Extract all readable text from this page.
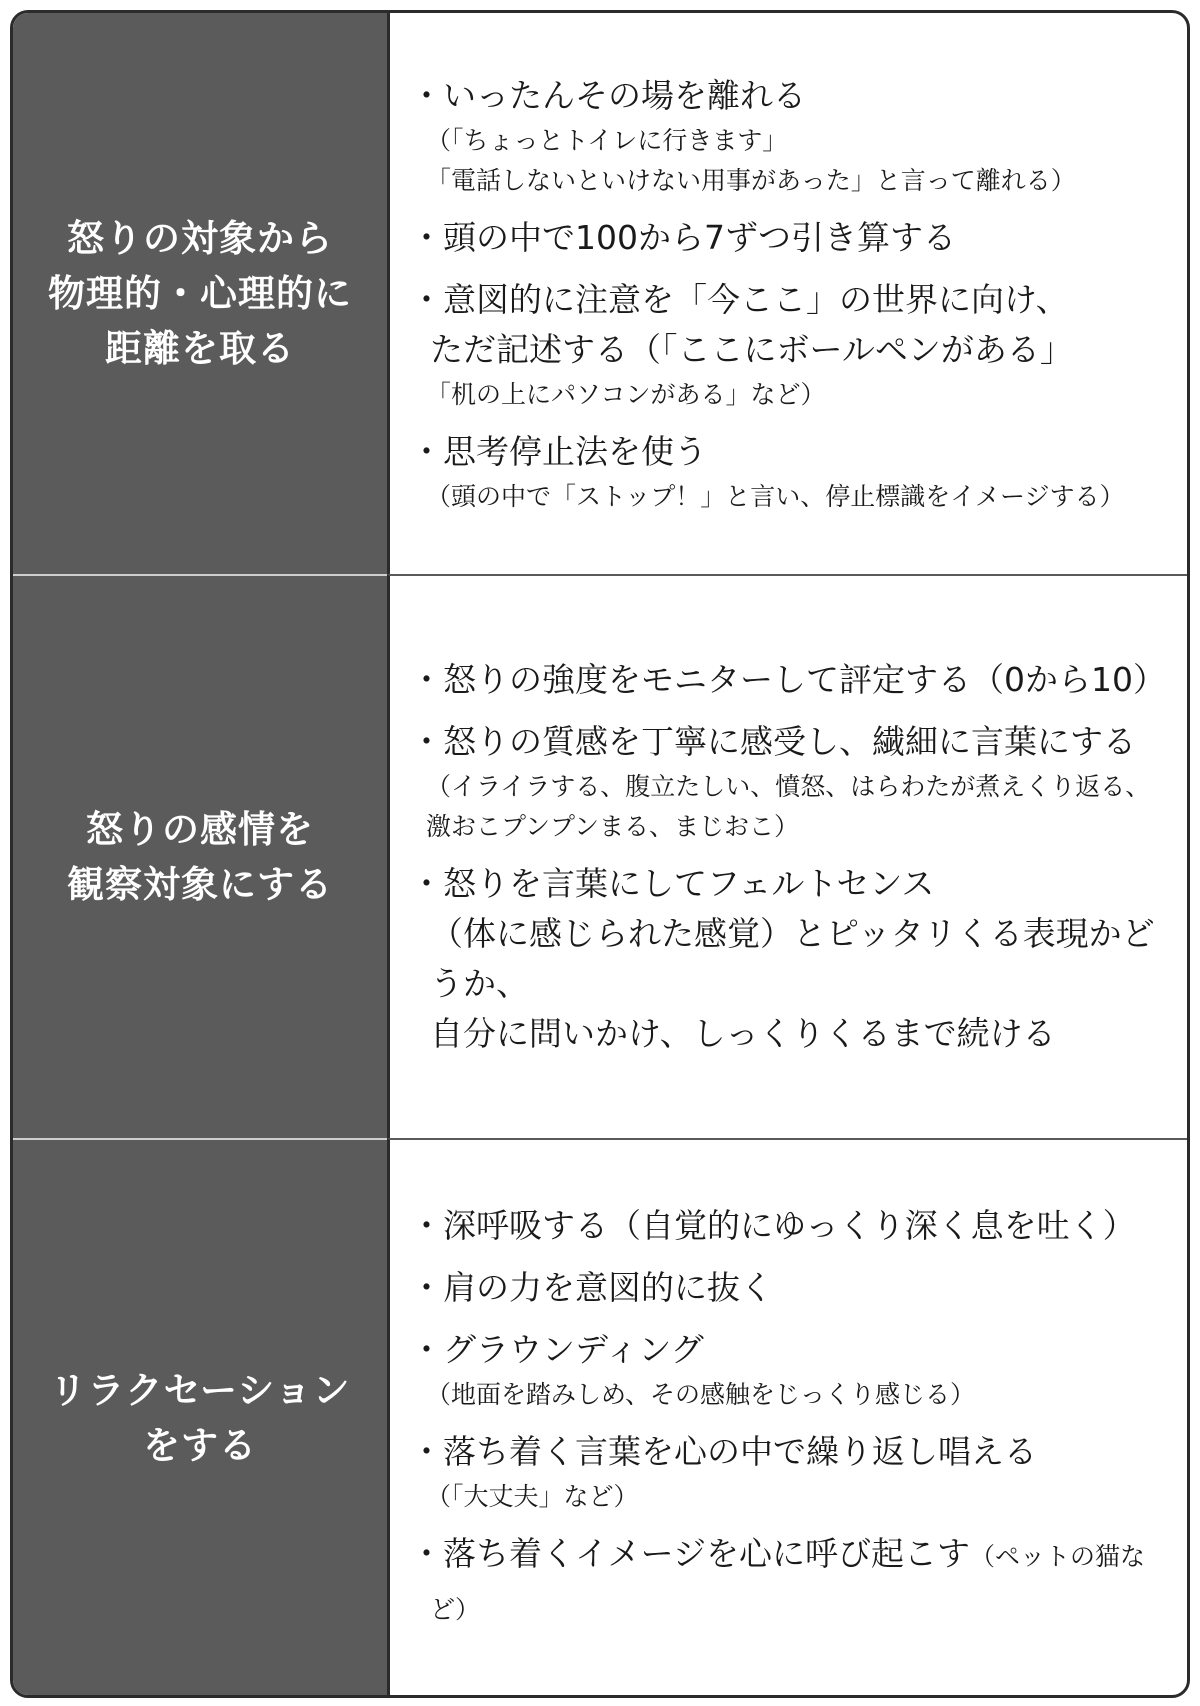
怒りの対象から
物理的・心理的に
距離を取る
・いったんその場を離れる
（「ちょっとトイレに行きます」
「電話しないといけない用事があった」と言って離れる）
・頭の中で100から7ずつ引き算する
・意図的に注意を「今ここ」の世界に向け、
ただ記述する（「ここにボールペンがある」
「机の上にパソコンがある」など）
・思考停止法を使う
（頭の中で「ストップ！」と言い、停止標識をイメージする）
怒りの感情を
観察対象にする
・怒りの強度をモニターして評定する（0から10）
・怒りの質感を丁寧に感受し、繊細に言葉にする
（イライラする、腹立たしい、憤怒、はらわたが煮えくり返る、
激おこプンプンまる、まじおこ）
・怒りを言葉にしてフェルトセンス
（体に感じられた感覚）とピッタリくる表現かどうか、
自分に問いかけ、しっくりくるまで続ける
リラクセーション
をする
・深呼吸する（自覚的にゆっくり深く息を吐く）
・肩の力を意図的に抜く
・グラウンディング
（地面を踏みしめ、その感触をじっくり感じる）
・落ち着く言葉を心の中で繰り返し唱える
（「大丈夫」など）
・落ち着くイメージを心に呼び起こす（ペットの猫など）
